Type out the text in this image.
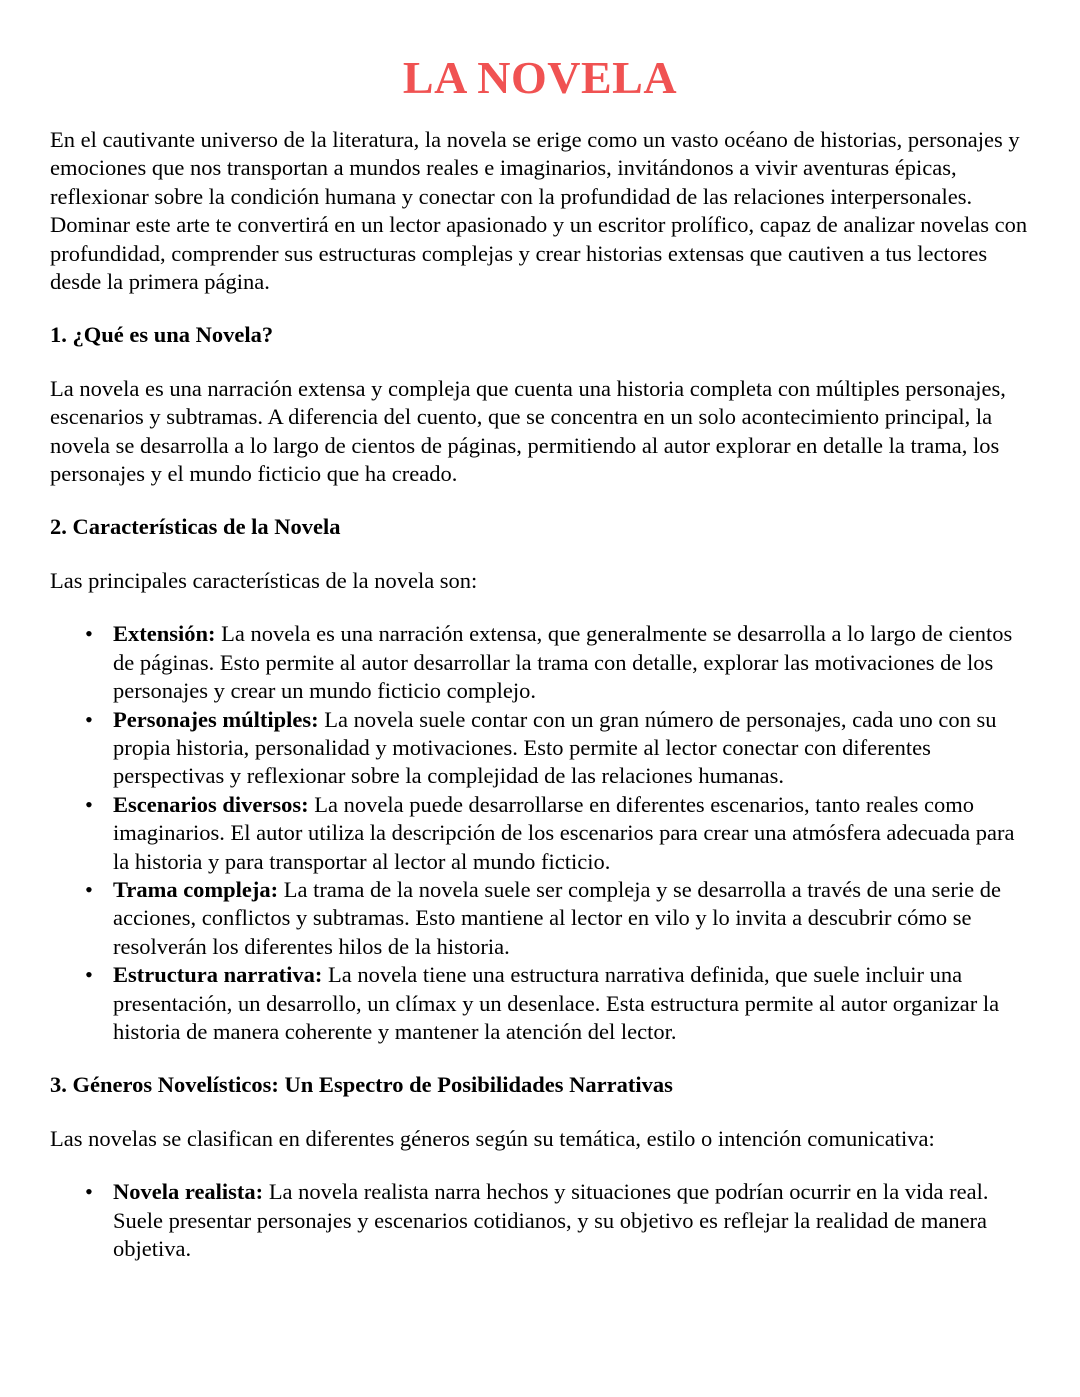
LA NOVELA

En el cautivante universo de la literatura, la novela se erige como un vasto océano de historias, personajes y emociones que nos transportan a mundos reales e imaginarios, invitándonos a vivir aventuras épicas, reflexionar sobre la condición humana y conectar con la profundidad de las relaciones interpersonales. Dominar este arte te convertirá en un lector apasionado y un escritor prolífico, capaz de analizar novelas con profundidad, comprender sus estructuras complejas y crear historias extensas que cautiven a tus lectores desde la primera página.

1. ¿Qué es una Novela?

La novela es una narración extensa y compleja que cuenta una historia completa con múltiples personajes, escenarios y subtramas. A diferencia del cuento, que se concentra en un solo acontecimiento principal, la novela se desarrolla a lo largo de cientos de páginas, permitiendo al autor explorar en detalle la trama, los personajes y el mundo ficticio que ha creado.

2. Características de la Novela

Las principales características de la novela son:

• Extensión: La novela es una narración extensa, que generalmente se desarrolla a lo largo de cientos de páginas. Esto permite al autor desarrollar la trama con detalle, explorar las motivaciones de los personajes y crear un mundo ficticio complejo.
• Personajes múltiples: La novela suele contar con un gran número de personajes, cada uno con su propia historia, personalidad y motivaciones. Esto permite al lector conectar con diferentes perspectivas y reflexionar sobre la complejidad de las relaciones humanas.
• Escenarios diversos: La novela puede desarrollarse en diferentes escenarios, tanto reales como imaginarios. El autor utiliza la descripción de los escenarios para crear una atmósfera adecuada para la historia y para transportar al lector al mundo ficticio.
• Trama compleja: La trama de la novela suele ser compleja y se desarrolla a través de una serie de acciones, conflictos y subtramas. Esto mantiene al lector en vilo y lo invita a descubrir cómo se resolverán los diferentes hilos de la historia.
• Estructura narrativa: La novela tiene una estructura narrativa definida, que suele incluir una presentación, un desarrollo, un clímax y un desenlace. Esta estructura permite al autor organizar la historia de manera coherente y mantener la atención del lector.
3. Géneros Novelísticos: Un Espectro de Posibilidades Narrativas

Las novelas se clasifican en diferentes géneros según su temática, estilo o intención comunicativa:

• Novela realista: La novela realista narra hechos y situaciones que podrían ocurrir en la vida real. Suele presentar personajes y escenarios cotidianos, y su objetivo es reflejar la realidad de manera objetiva.
